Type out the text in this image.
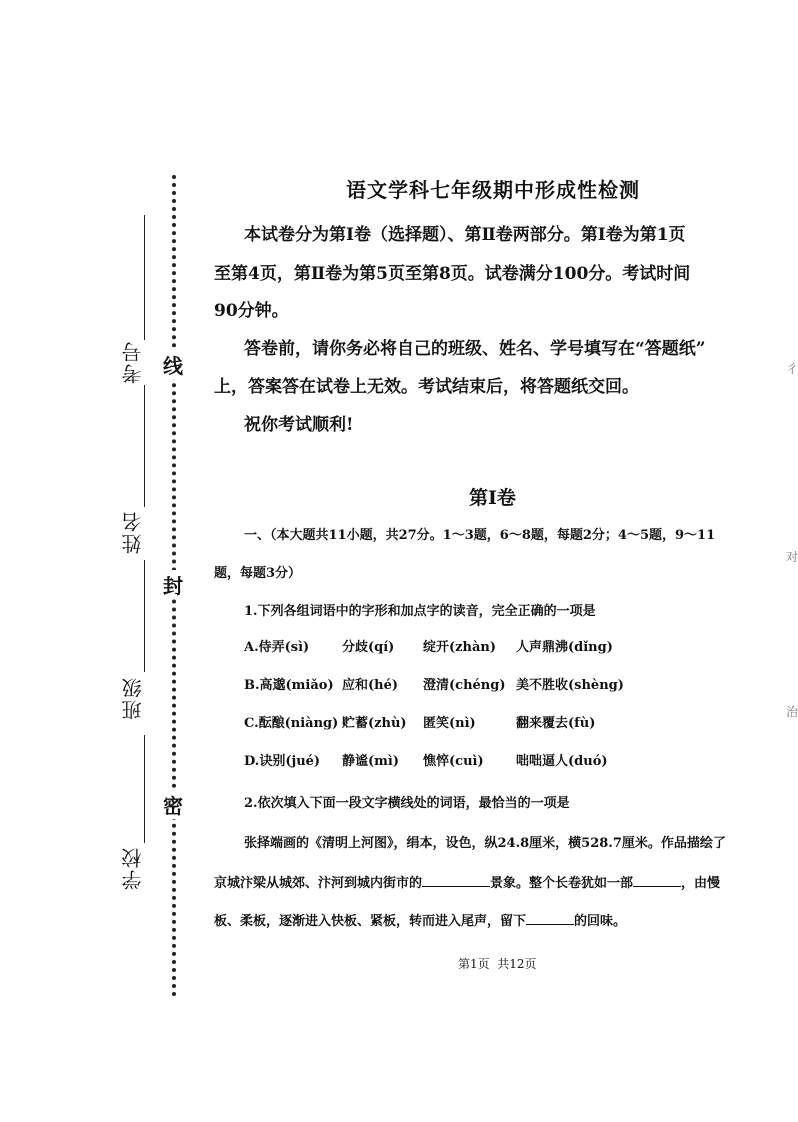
考号
姓名
班级
学校
线
封
密
彳
对
治
语文学科七年级期中形成性检测
本试卷分为第Ⅰ卷（选择题）、第Ⅱ卷两部分。第Ⅰ卷为第1页
至第4页，第Ⅱ卷为第5页至第8页。试卷满分100分。考试时间
90分钟。
答卷前，请你务必将自己的班级、姓名、学号填写在“答题纸”
上，答案答在试卷上无效。考试结束后，将答题纸交回。
祝你考试顺利!
第Ⅰ卷
一、（本大题共11小题，共27分。1～3题，6～8题，每题2分；4～5题，9～11
题，每题3分）
1.下列各组词语中的字形和加点字的读音，完全正确的一项是
A.侍弄(sì)	分歧(qí) 绽开(zhàn) 人声鼎沸(dǐng)
B.高邈(miǎo) 应和(hé) 澄清(chéng) 美不胜收(shèng)
C.酝酿(niàng) 贮蓄(zhù) 匿笑(nì)	翻来覆去(fù)
D.诀别(jué) 静谧(mì) 憔悴(cuì) 咄咄逼人(duó)
2.依次填入下面一段文字横线处的词语，最恰当的一项是
张择端画的《清明上河图》，绢本，设色，纵24.8厘米，横528.7厘米。作品描绘了
京城汴梁从城郊、汴河到城内街市的	景象。整个长卷犹如一部	，由慢
板、柔板，逐渐进入快板、紧板，转而进入尾声，留下	的回味。
第1页 共12页
